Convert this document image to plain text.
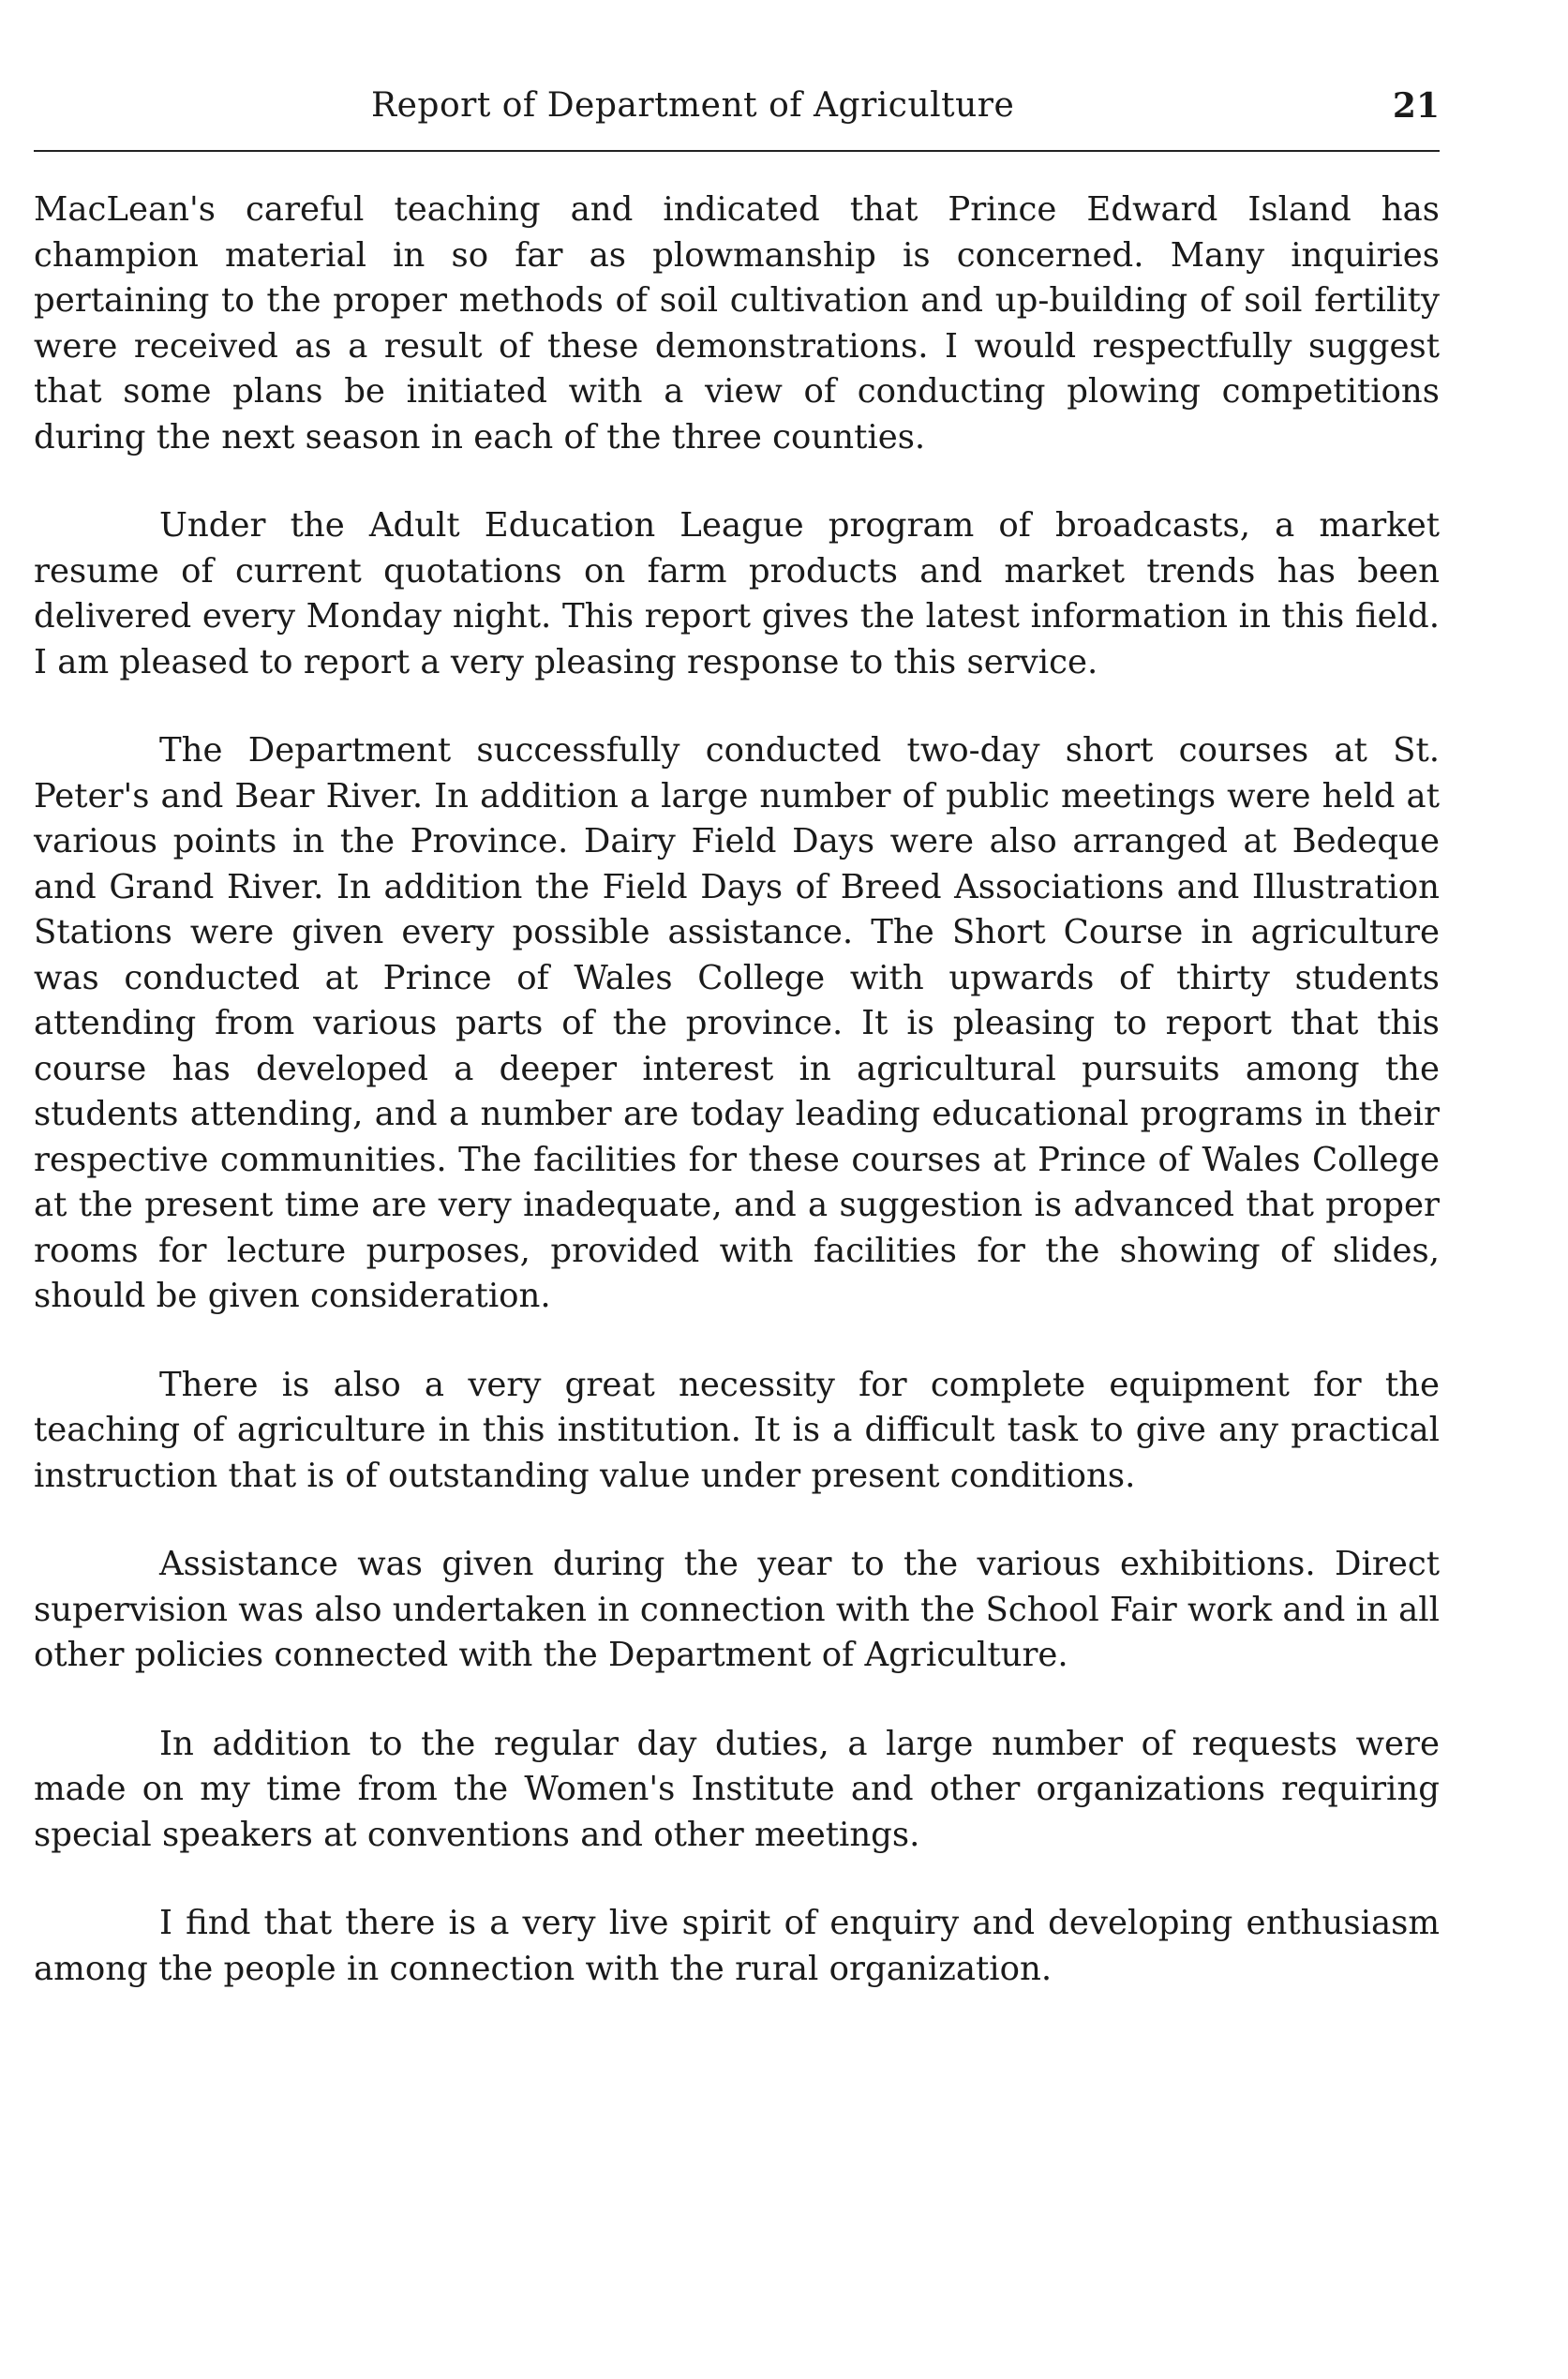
Report of Department of Agriculture	21

MacLean's careful teaching and indicated that Prince Edward Island has champion material in so far as plowmanship is concerned. Many inquiries pertaining to the proper methods of soil cultivation and up-building of soil fertility were received as a result of these demonstrations. I would respectfully suggest that some plans be initiated with a view of conducting plowing competitions during the next season in each of the three counties.

Under the Adult Education League program of broadcasts, a market resume of current quotations on farm products and market trends has been delivered every Monday night. This report gives the latest information in this field. I am pleased to report a very pleasing response to this service.

The Department successfully conducted two-day short courses at St. Peter's and Bear River. In addition a large number of public meetings were held at various points in the Province. Dairy Field Days were also arranged at Bedeque and Grand River. In addition the Field Days of Breed Associations and Illustration Stations were given every possible assistance. The Short Course in agriculture was conducted at Prince of Wales College with upwards of thirty students attending from various parts of the province. It is pleasing to report that this course has developed a deeper interest in agricultural pursuits among the students attending, and a number are today leading educational programs in their respective communities. The facilities for these courses at Prince of Wales College at the present time are very inadequate, and a suggestion is advanced that proper rooms for lecture purposes, provided with facilities for the showing of slides, should be given consideration.

There is also a very great necessity for complete equipment for the teaching of agriculture in this institution. It is a difficult task to give any practical instruction that is of outstanding value under present conditions.

Assistance was given during the year to the various exhibitions. Direct supervision was also undertaken in connection with the School Fair work and in all other policies connected with the Department of Agriculture.

In addition to the regular day duties, a large number of requests were made on my time from the Women's Institute and other organizations requiring special speakers at conventions and other meetings.

I find that there is a very live spirit of enquiry and developing enthusiasm among the people in connection with the rural organization.
